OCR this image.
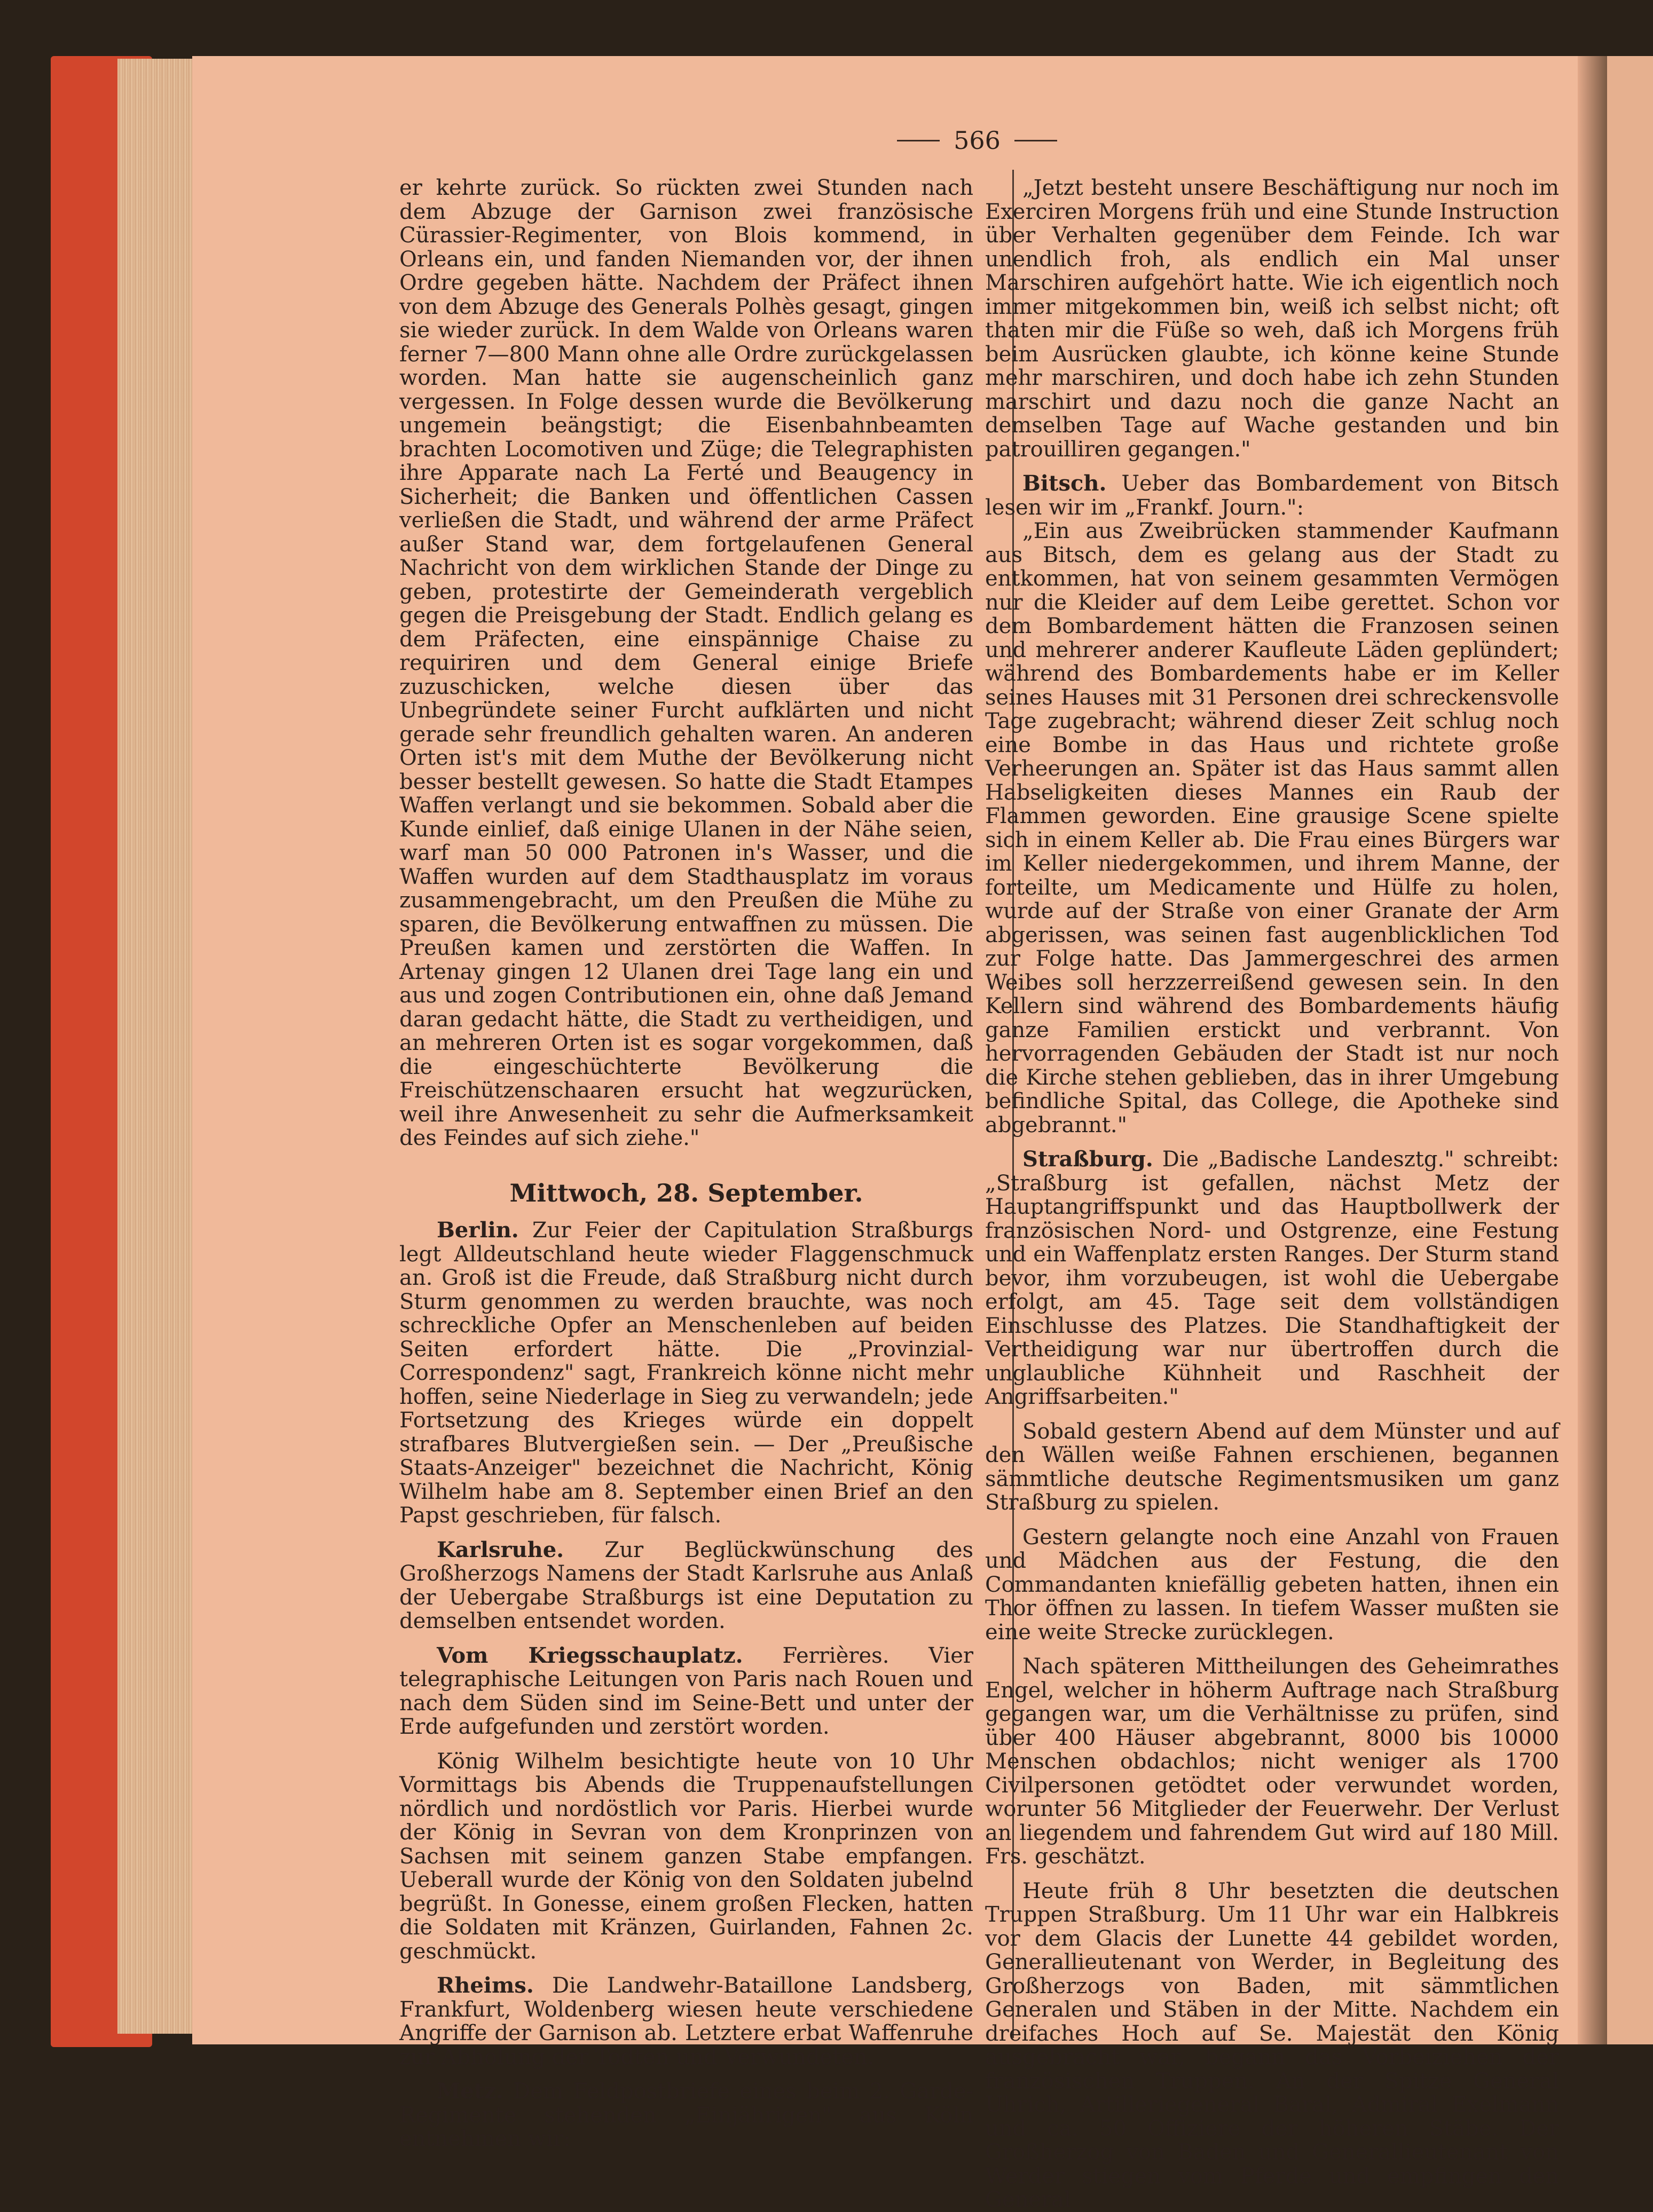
566

er kehrte zurück. So rückten zwei Stunden nach dem Abzuge der Garnison zwei französische Cürassier-Regimenter, von Blois kommend, in Orleans ein, und fanden Niemanden vor, der ihnen Ordre gegeben hätte. Nachdem der Präfect ihnen von dem Abzuge des Generals Polhès gesagt, gingen sie wieder zurück. In dem Walde von Orleans waren ferner 7—800 Mann ohne alle Ordre zurückgelassen worden. Man hatte sie augenscheinlich ganz vergessen. In Folge dessen wurde die Bevölkerung ungemein beängstigt; die Eisenbahnbeamten brachten Locomotiven und Züge; die Telegraphisten ihre Apparate nach La Ferté und Beaugency in Sicherheit; die Banken und öffentlichen Cassen verließen die Stadt, und während der arme Präfect außer Stand war, dem fortgelaufenen General Nachricht von dem wirklichen Stande der Dinge zu geben, protestirte der Gemeinderath vergeblich gegen die Preisgebung der Stadt. Endlich gelang es dem Präfecten, eine einspännige Chaise zu requiriren und dem General einige Briefe zuzuschicken, welche diesen über das Unbegründete seiner Furcht aufklärten und nicht gerade sehr freundlich gehalten waren. An anderen Orten ist's mit dem Muthe der Bevölkerung nicht besser bestellt gewesen. So hatte die Stadt Etampes Waffen verlangt und sie bekommen. Sobald aber die Kunde einlief, daß einige Ulanen in der Nähe seien, warf man 50 000 Patronen in's Wasser, und die Waffen wurden auf dem Stadthausplatz im voraus zusammengebracht, um den Preußen die Mühe zu sparen, die Bevölkerung entwaffnen zu müssen. Die Preußen kamen und zerstörten die Waffen. In Artenay gingen 12 Ulanen drei Tage lang ein und aus und zogen Contributionen ein, ohne daß Jemand daran gedacht hätte, die Stadt zu vertheidigen, und an mehreren Orten ist es sogar vorgekommen, daß die eingeschüchterte Bevölkerung die Freischützenschaaren ersucht hat wegzurücken, weil ihre Anwesenheit zu sehr die Aufmerksamkeit des Feindes auf sich ziehe."

Mittwoch, 28. September.

Berlin. Zur Feier der Capitulation Straßburgs legt Alldeutschland heute wieder Flaggenschmuck an. Groß ist die Freude, daß Straßburg nicht durch Sturm genommen zu werden brauchte, was noch schreckliche Opfer an Menschenleben auf beiden Seiten erfordert hätte. Die „Provinzial-Correspondenz" sagt, Frankreich könne nicht mehr hoffen, seine Niederlage in Sieg zu verwandeln; jede Fortsetzung des Krieges würde ein doppelt strafbares Blutvergießen sein. — Der „Preußische Staats-Anzeiger" bezeichnet die Nachricht, König Wilhelm habe am 8. September einen Brief an den Papst geschrieben, für falsch.

Karlsruhe. Zur Beglückwünschung des Großherzogs Namens der Stadt Karlsruhe aus Anlaß der Uebergabe Straßburgs ist eine Deputation zu demselben entsendet worden.

Vom Kriegsschauplatz. Ferrières. Vier telegraphische Leitungen von Paris nach Rouen und nach dem Süden sind im Seine-Bett und unter der Erde aufgefunden und zerstört worden.

König Wilhelm besichtigte heute von 10 Uhr Vormittags bis Abends die Truppenaufstellungen nördlich und nordöstlich vor Paris. Hierbei wurde der König in Sevran von dem Kronprinzen von Sachsen mit seinem ganzen Stabe empfangen. Ueberall wurde der König von den Soldaten jubelnd begrüßt. In Gonesse, einem großen Flecken, hatten die Soldaten mit Kränzen, Guirlanden, Fahnen 2c. geschmückt.

Rheims. Die Landwehr-Bataillone Landsberg, Frankfurt, Woldenberg wiesen heute verschiedene Angriffe der Garnison ab. Letztere erbat Waffenruhe zur Abholung der Todten und Verwundeten.

Metz. Dem Feldpostbriefe eines beim 2. Garde-Regimente stehenden „Einjährigen" aus Köln entnehmen wir:

„Jetzt besteht unsere Beschäftigung nur noch im Exerciren Morgens früh und eine Stunde Instruction über Verhalten gegenüber dem Feinde. Ich war unendlich froh, als endlich ein Mal unser Marschiren aufgehört hatte. Wie ich eigentlich noch immer mitgekommen bin, weiß ich selbst nicht; oft thaten mir die Füße so weh, daß ich Morgens früh beim Ausrücken glaubte, ich könne keine Stunde mehr marschiren, und doch habe ich zehn Stunden marschirt und dazu noch die ganze Nacht an demselben Tage auf Wache gestanden und bin patrouilliren gegangen."

Bitsch. Ueber das Bombardement von Bitsch lesen wir im „Frankf. Journ.":

„Ein aus Zweibrücken stammender Kaufmann aus Bitsch, dem es gelang aus der Stadt zu entkommen, hat von seinem gesammten Vermögen nur die Kleider auf dem Leibe gerettet. Schon vor dem Bombardement hätten die Franzosen seinen und mehrerer anderer Kaufleute Läden geplündert; während des Bombardements habe er im Keller seines Hauses mit 31 Personen drei schreckensvolle Tage zugebracht; während dieser Zeit schlug noch eine Bombe in das Haus und richtete große Verheerungen an. Später ist das Haus sammt allen Habseligkeiten dieses Mannes ein Raub der Flammen geworden. Eine grausige Scene spielte sich in einem Keller ab. Die Frau eines Bürgers war im Keller niedergekommen, und ihrem Manne, der forteilte, um Medicamente und Hülfe zu holen, wurde auf der Straße von einer Granate der Arm abgerissen, was seinen fast augenblicklichen Tod zur Folge hatte. Das Jammergeschrei des armen Weibes soll herzzerreißend gewesen sein. In den Kellern sind während des Bombardements häufig ganze Familien erstickt und verbrannt. Von hervorragenden Gebäuden der Stadt ist nur noch die Kirche stehen geblieben, das in ihrer Umgebung befindliche Spital, das College, die Apotheke sind abgebrannt."

Straßburg. Die „Badische Landesztg." schreibt: „Straßburg ist gefallen, nächst Metz der Hauptangriffspunkt und das Hauptbollwerk der französischen Nord- und Ostgrenze, eine Festung und ein Waffenplatz ersten Ranges. Der Sturm stand bevor, ihm vorzubeugen, ist wohl die Uebergabe erfolgt, am 45. Tage seit dem vollständigen Einschlusse des Platzes. Die Standhaftigkeit der Vertheidigung war nur übertroffen durch die unglaubliche Kühnheit und Raschheit der Angriffsarbeiten."

Sobald gestern Abend auf dem Münster und auf den Wällen weiße Fahnen erschienen, begannen sämmtliche deutsche Regimentsmusiken um ganz Straßburg zu spielen.

Gestern gelangte noch eine Anzahl von Frauen und Mädchen aus der Festung, die den Commandanten kniefällig gebeten hatten, ihnen ein Thor öffnen zu lassen. In tiefem Wasser mußten sie eine weite Strecke zurücklegen.

Nach späteren Mittheilungen des Geheimrathes Engel, welcher in höherm Auftrage nach Straßburg gegangen war, um die Verhältnisse zu prüfen, sind über 400 Häuser abgebrannt, 8000 bis 10000 Menschen obdachlos; nicht weniger als 1700 Civilpersonen getödtet oder verwundet worden, worunter 56 Mitglieder der Feuerwehr. Der Verlust an liegendem und fahrendem Gut wird auf 180 Mill. Frs. geschätzt.

Heute früh 8 Uhr besetzten die deutschen Truppen Straßburg. Um 11 Uhr war ein Halbkreis vor dem Glacis der Lunette 44 gebildet worden, Generallieutenant von Werder, in Begleitung des Großherzogs von Baden, mit sämmtlichen Generalen und Stäben in der Mitte. Nachdem ein dreifaches Hoch auf Se. Majestät den König ausgebracht war, begann das Vorbeiziehen der französischen Truppen. An der Spitze General Uhrich, Artilleriegeneral Baral, Admiral Exelmann und ca. 50 Offiziere der höheren Stäbe. Der Großherzog von Baden und Generallieutenant von Werder stiegen vom Pferde und empfingen den General
